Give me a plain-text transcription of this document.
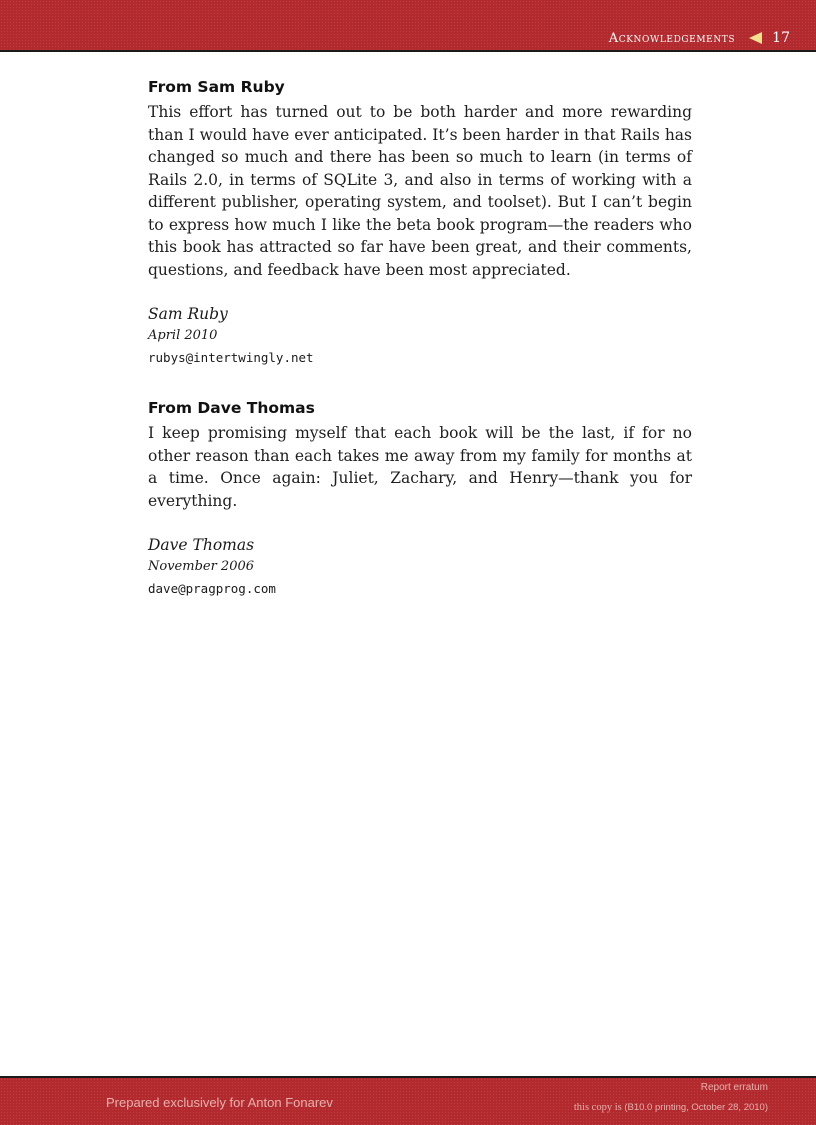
Acknowledgements	17
From Sam Ruby

This effort has turned out to be both harder and more rewarding than I would have ever anticipated. It’s been harder in that Rails has changed so much and there has been so much to learn (in terms of Rails 2.0, in terms of SQLite 3, and also in terms of working with a different publisher, operating system, and toolset). But I can’t begin to express how much I like the beta book program—the readers who this book has attracted so far have been great, and their comments, questions, and feedback have been most appreciated.

Sam Ruby
April 2010
rubys@intertwingly.net
From Dave Thomas

I keep promising myself that each book will be the last, if for no other reason than each takes me away from my family for months at a time. Once again: Juliet, Zachary, and Henry—thank you for everything.

Dave Thomas
November 2006
dave@pragprog.com
Prepared exclusively for Anton Fonarev
Report erratum
this copy is (B10.0 printing, October 28, 2010)
